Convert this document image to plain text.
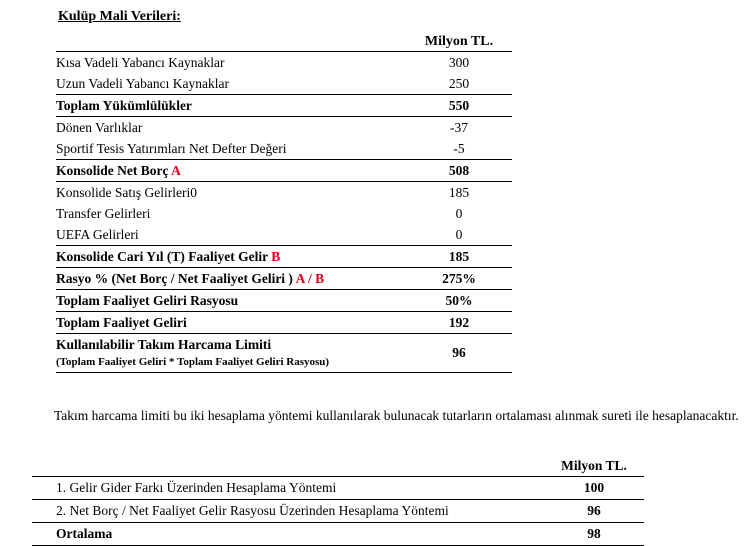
Kulüp Mali Verileri:
	Milyon TL.
Kısa Vadeli Yabancı Kaynaklar	300
Uzun Vadeli Yabancı Kaynaklar	250
Toplam Yükümlülükler	550
Dönen Varlıklar	-37
Sportif Tesis Yatırımları Net Defter Değeri	-5
Konsolide Net Borç A	508
Konsolide Satış Gelirleri0	185
Transfer Gelirleri	0
UEFA Gelirleri	0
Konsolide Cari Yıl (T) Faaliyet Gelir B	185
Rasyo % (Net Borç / Net Faaliyet Geliri ) A / B	275%
Toplam Faaliyet Geliri Rasyosu	50%
Toplam Faaliyet Geliri	192
Kullanılabilir Takım Harcama Limiti
(Toplam Faaliyet Geliri * Toplam Faaliyet Geliri Rasyosu)	96
Takım harcama limiti bu iki hesaplama yöntemi kullanılarak bulunacak tutarların ortalaması alınmak sureti ile hesaplanacaktır.
	Milyon TL.
1. Gelir Gider Farkı Üzerinden Hesaplama Yöntemi	100
2. Net Borç / Net Faaliyet Gelir Rasyosu Üzerinden Hesaplama Yöntemi	96
Ortalama	98
